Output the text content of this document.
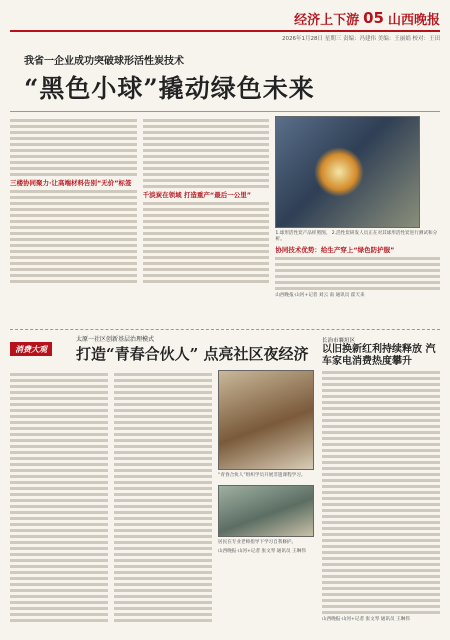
经济上下游 05 山西晚报
2026年1月28日 星期三 责编：冯建伟 美编：王丽娟 校对：王田
我省一企业成功突破球形活性炭技术
“黑色小球”撬动绿色未来
三楼协同聚力·让高端材料告别“无价”标签
千淡炭在领域 打造重产“最后一公里”
1.球形活性炭产品样照图。 2.活性炭研发人员正在对其球形活性炭进行测试和分析。
协同技术优势：给生产穿上“绿色防护服”
山西晚报·山河+记者 刘云 南 通讯员 霍天来
消费大观
太原一社区创新基层治理模式
打造“青春合伙人” 点亮社区夜经济
长治市襄垣区
以旧换新红利持续释放 汽车家电消费热度攀升
山西晚报·山河+记者 张文琴 通讯员 王琳伟
“青春合伙人”组织学员开展非遗课程学习。
居民在专业老师指导下学习自我修护。
山西晚报·山河+记者 张文琴 通讯员 王琳伟
